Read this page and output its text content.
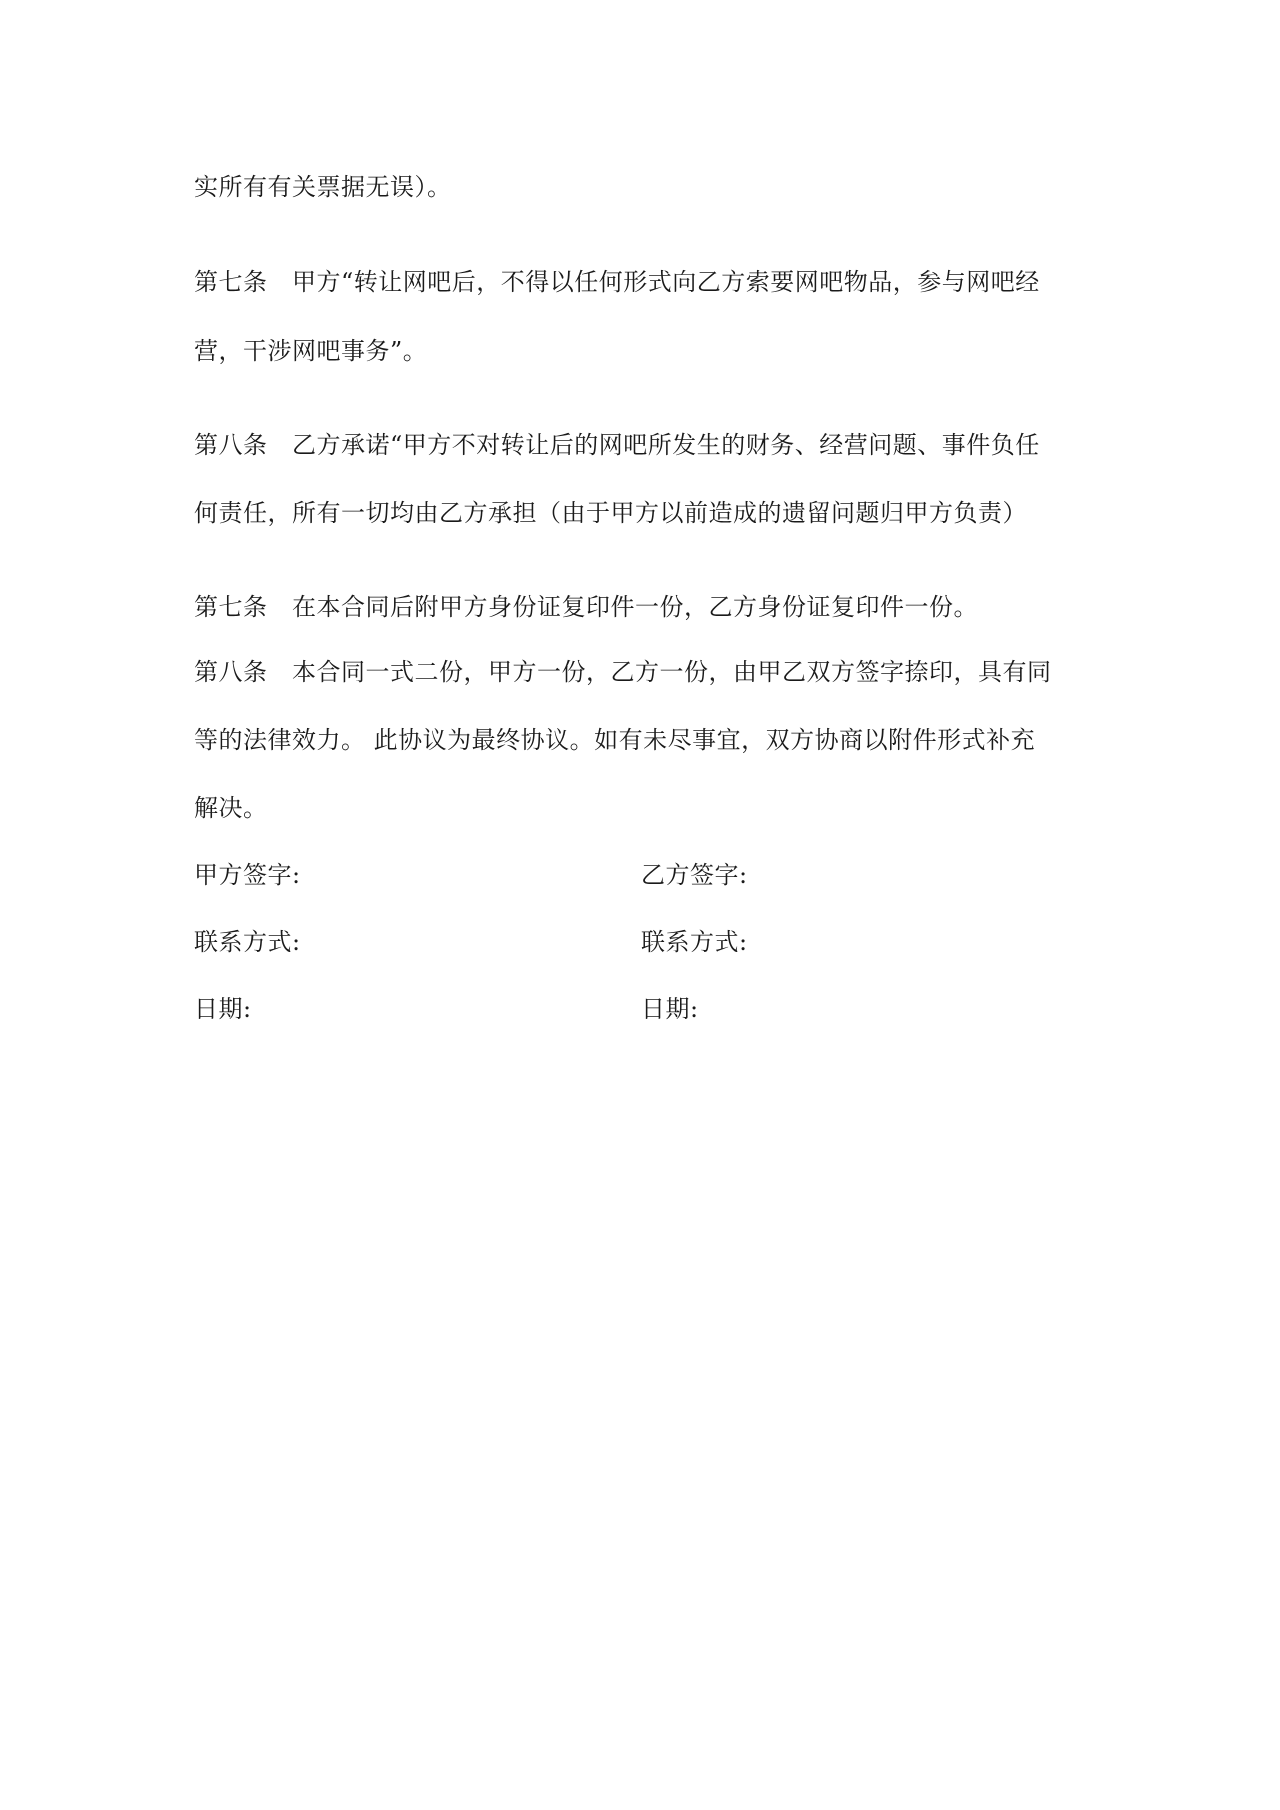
实所有有关票据无误）。
第七条　甲方“转让网吧后，不得以任何形式向乙方索要网吧物品，参与网吧经
营，干涉网吧事务”。
第八条　乙方承诺“甲方不对转让后的网吧所发生的财务、经营问题、事件负任
何责任，所有一切均由乙方承担（由于甲方以前造成的遗留问题归甲方负责）
第七条　在本合同后附甲方身份证复印件一份，乙方身份证复印件一份。
第八条　本合同一式二份，甲方一份，乙方一份，由甲乙双方签字捺印，具有同
等的法律效力。 此协议为最终协议。如有未尽事宜，双方协商以附件形式补充
解决。
甲方签字:	乙方签字:
联系方式:	联系方式:
日期:	日期:
